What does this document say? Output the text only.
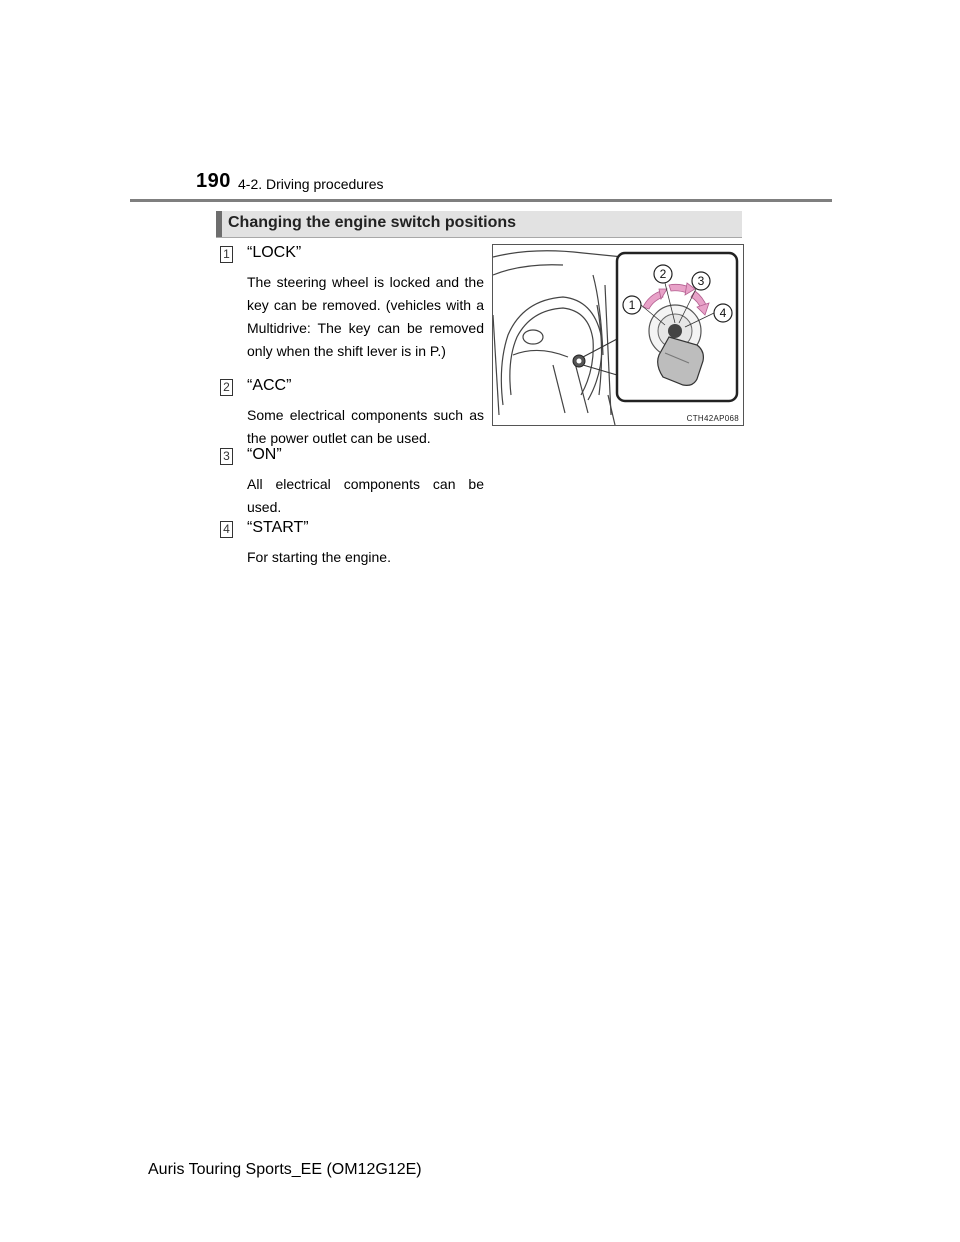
190 4-2. Driving procedures
Changing the engine switch positions
1 “LOCK”
The steering wheel is locked and the key can be removed. (vehicles with a Multidrive: The key can be removed only when the shift lever is in P.)
2 “ACC”
Some electrical components such as the power outlet can be used.
3 “ON”
All electrical components can be used.
4 “START”
For starting the engine.
1
2	3
4
CTH42AP068
Auris Touring Sports_EE (OM12G12E)
